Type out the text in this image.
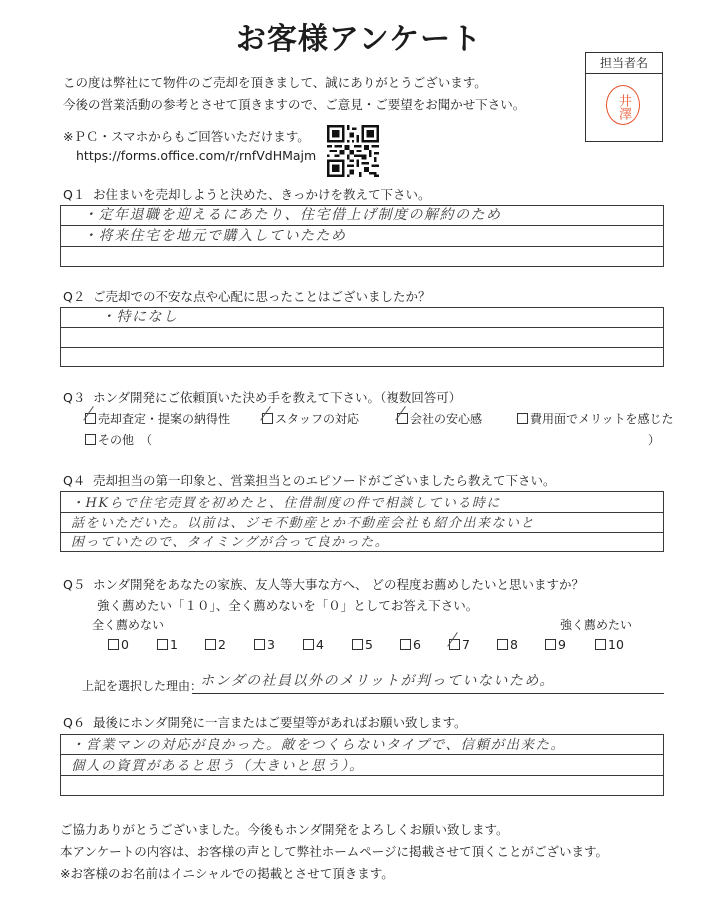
お客様アンケート
この度は弊社にて物件のご売却を頂きまして、誠にありがとうございます。
今後の営業活動の参考とさせて頂きますので、ご意見・ご要望をお聞かせ下さい。
※ＰＣ・スマホからもご回答いただけます。
https://forms.office.com/r/rnfVdHMajm
担当者名
井澤
Q１ お住まいを売却しようと決めた、きっかけを教えて下さい。
・定年退職を迎えるにあたり、住宅借上げ制度の解約のため
・将来住宅を地元で購入していたため
Q２ ご売却での不安な点や心配に思ったことはございましたか？
・特になし
Q３ ホンダ開発にご依頼頂いた決め手を教えて下さい。（複数回答可）
売却査定・提案の納得性	スタッフの対応	会社の安心感	費用面でメリットを感じた
その他　（	）
Q４ 売却担当の第一印象と、営業担当とのエピソードがございましたら教えて下さい。
・HKらで住宅売買を初めたと、住借制度の件で相談している時に
話をいただいた。以前は、ジモ不動産とか不動産会社も紹介出来ないと
困っていたので、タイミングが合って良かった。
Q５ ホンダ開発をあなたの家族、友人等大事な方へ、 どの程度お薦めしたいと思いますか？
強く薦めたい「１０」、全く薦めないを「０」としてお答え下さい。
全く薦めない	強く薦めたい
0	1	2	3	4	5	6	7	8	9	10
上記を選択した理由：
ホンダの社員以外のメリットが判っていないため。
Q６ 最後にホンダ開発に一言またはご要望等があればお願い致します。
・営業マンの対応が良かった。敵をつくらないタイプで、信頼が出来た。
個人の資質があると思う（大きいと思う）。
ご協力ありがとうございました。今後もホンダ開発をよろしくお願い致します。
本アンケートの内容は、お客様の声として弊社ホームページに掲載させて頂くことがございます。
※お客様のお名前はイニシャルでの掲載とさせて頂きます。
